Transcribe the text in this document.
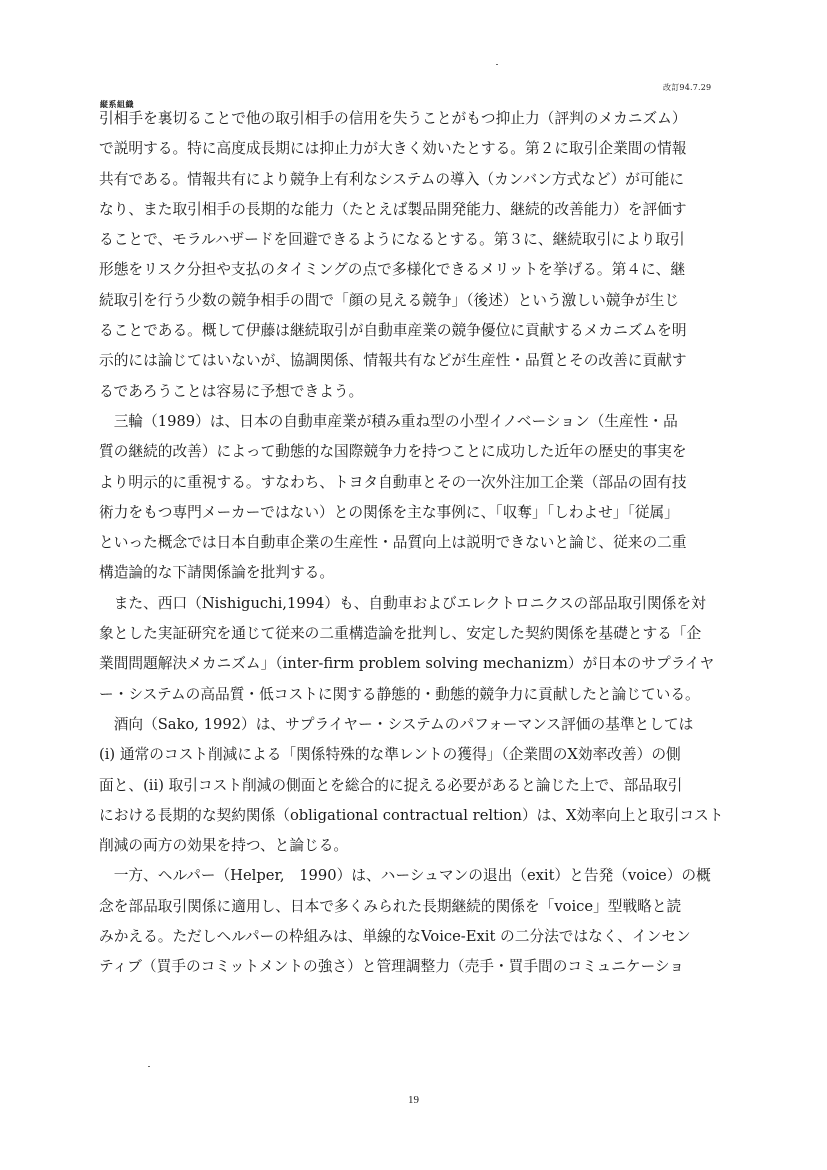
縦系組織
改訂94.7.29
引相手を裏切ることで他の取引相手の信用を失うことがもつ抑止力（評判のメカニズム）
で説明する。特に高度成長期には抑止力が大きく効いたとする。第２に取引企業間の情報
共有である。情報共有により競争上有利なシステムの導入（カンバン方式など）が可能に
なり、また取引相手の長期的な能力（たとえば製品開発能力、継続的改善能力）を評価す
ることで、モラルハザードを回避できるようになるとする。第３に、継続取引により取引
形態をリスク分担や支払のタイミングの点で多様化できるメリットを挙げる。第４に、継
続取引を行う少数の競争相手の間で「顔の見える競争」（後述）という激しい競争が生じ
ることである。概して伊藤は継続取引が自動車産業の競争優位に貢献するメカニズムを明
示的には論じてはいないが、協調関係、情報共有などが生産性・品質とその改善に貢献す
るであろうことは容易に予想できよう。
　三輪（1989）は、日本の自動車産業が積み重ね型の小型イノベーション（生産性・品
質の継続的改善）によって動態的な国際競争力を持つことに成功した近年の歴史的事実を
より明示的に重視する。すなわち、トヨタ自動車とその一次外注加工企業（部品の固有技
術力をもつ専門メーカーではない）との関係を主な事例に、「収奪」「しわよせ」「従属」
といった概念では日本自動車企業の生産性・品質向上は説明できないと論じ、従来の二重
構造論的な下請関係論を批判する。
　また、西口（Nishiguchi,1994）も、自動車およびエレクトロニクスの部品取引関係を対
象とした実証研究を通じて従来の二重構造論を批判し、安定した契約関係を基礎とする「企
業間問題解決メカニズム」（inter-firm problem solving mechanizm）が日本のサプライヤ
ー・システムの高品質・低コストに関する静態的・動態的競争力に貢献したと論じている。
　酒向（Sako, 1992）は、サプライヤー・システムのパフォーマンス評価の基準としては
(i) 通常のコスト削減による「関係特殊的な準レントの獲得」（企業間のX効率改善）の側
面と、(ii) 取引コスト削減の側面とを総合的に捉える必要があると論じた上で、部品取引
における長期的な契約関係（obligational contractual reltion）は、X効率向上と取引コスト
削減の両方の効果を持つ、と論じる。
　一方、ヘルパー（Helper,　1990）は、ハーシュマンの退出（exit）と告発（voice）の概
念を部品取引関係に適用し、日本で多くみられた長期継続的関係を「voice」型戦略と読
みかえる。ただしヘルパーの枠組みは、単線的なVoice-Exit の二分法ではなく、インセン
ティブ（買手のコミットメントの強さ）と管理調整力（売手・買手間のコミュニケーショ
19
